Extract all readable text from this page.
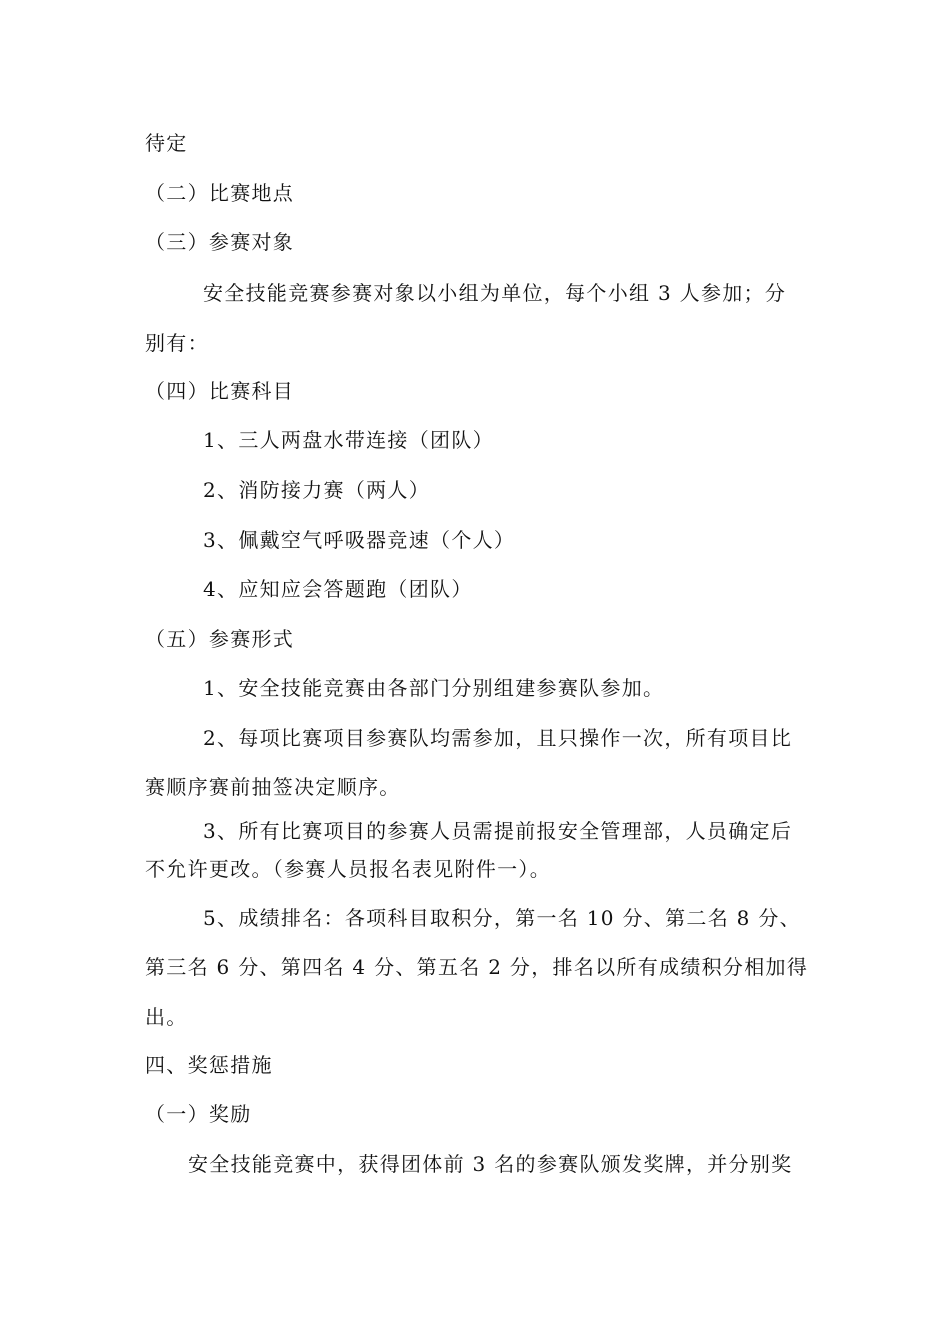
待定
（二）比赛地点
（三）参赛对象
安全技能竞赛参赛对象以小组为单位，每个小组 3 人参加；分
别有：
（四）比赛科目
1、三人两盘水带连接（团队）
2、消防接力赛（两人）
3、佩戴空气呼吸器竞速（个人）
4、应知应会答题跑（团队）
（五）参赛形式
1、安全技能竞赛由各部门分别组建参赛队参加。
2、每项比赛项目参赛队均需参加，且只操作一次，所有项目比
赛顺序赛前抽签决定顺序。
3、所有比赛项目的参赛人员需提前报安全管理部，人员确定后
不允许更改。（参赛人员报名表见附件一）。
5、成绩排名：各项科目取积分，第一名 10 分、第二名 8 分、
第三名 6 分、第四名 4 分、第五名 2 分，排名以所有成绩积分相加得
出。
四、奖惩措施
（一）奖励
安全技能竞赛中，获得团体前 3 名的参赛队颁发奖牌，并分别奖
